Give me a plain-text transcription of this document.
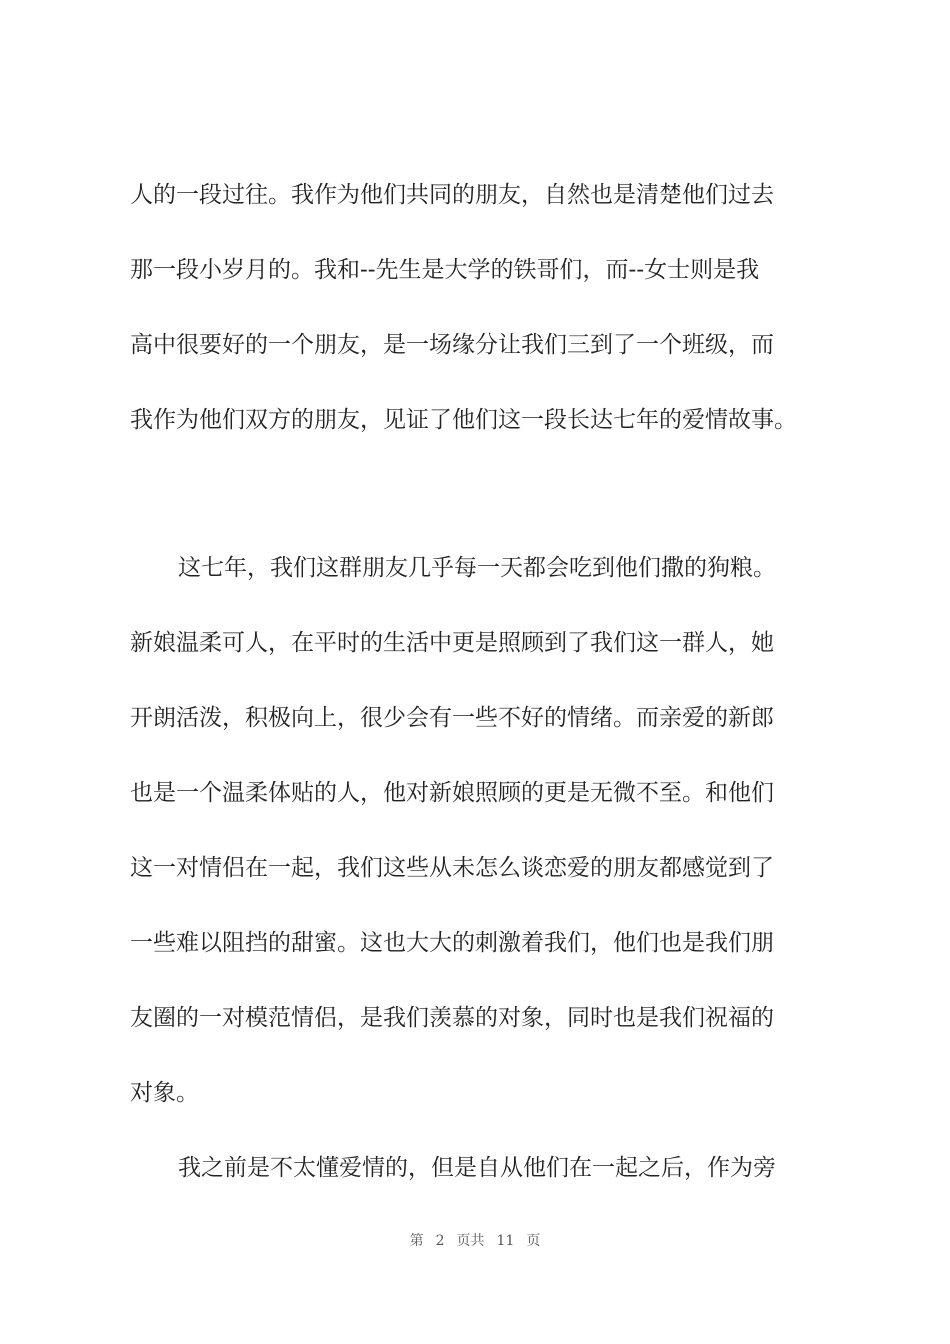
人的一段过往。我作为他们共同的朋友，自然也是清楚他们过去
那一段小岁月的。我和--先生是大学的铁哥们，而--女士则是我
高中很要好的一个朋友，是一场缘分让我们三到了一个班级，而
我作为他们双方的朋友，见证了他们这一段长达七年的爱情故事。
这七年，我们这群朋友几乎每一天都会吃到他们撒的狗粮。
新娘温柔可人，在平时的生活中更是照顾到了我们这一群人，她
开朗活泼，积极向上，很少会有一些不好的情绪。而亲爱的新郎
也是一个温柔体贴的人，他对新娘照顾的更是无微不至。和他们
这一对情侣在一起，我们这些从未怎么谈恋爱的朋友都感觉到了
一些难以阻挡的甜蜜。这也大大的刺激着我们，他们也是我们朋
友圈的一对模范情侣，是我们羡慕的对象，同时也是我们祝福的
对象。
我之前是不太懂爱情的，但是自从他们在一起之后，作为旁
第 2 页共 11 页
